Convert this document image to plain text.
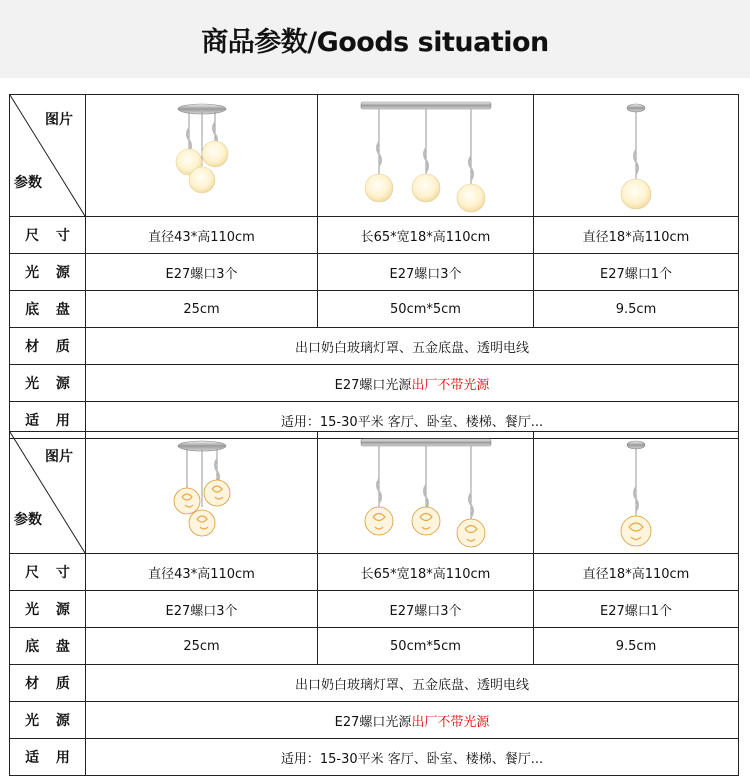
商品参数/Goods situation
图片
参数

尺 寸	直径43*高110cm	长65*宽18*高110cm	直径18*高110cm
光 源	E27螺口3个	E27螺口3个	E27螺口1个
底 盘	25cm	50cm*5cm	9.5cm
材 质	出口奶白玻璃灯罩、五金底盘、透明电线		
光 源	E27螺口光源出厂不带光源		
适 用	适用：15-30平米 客厅、卧室、楼梯、餐厅...		
图片
参数

尺 寸	直径43*高110cm	长65*宽18*高110cm	直径18*高110cm
光 源	E27螺口3个	E27螺口3个	E27螺口1个
底 盘	25cm	50cm*5cm	9.5cm
材 质	出口奶白玻璃灯罩、五金底盘、透明电线		
光 源	E27螺口光源出厂不带光源		
适 用	适用：15-30平米 客厅、卧室、楼梯、餐厅...		
